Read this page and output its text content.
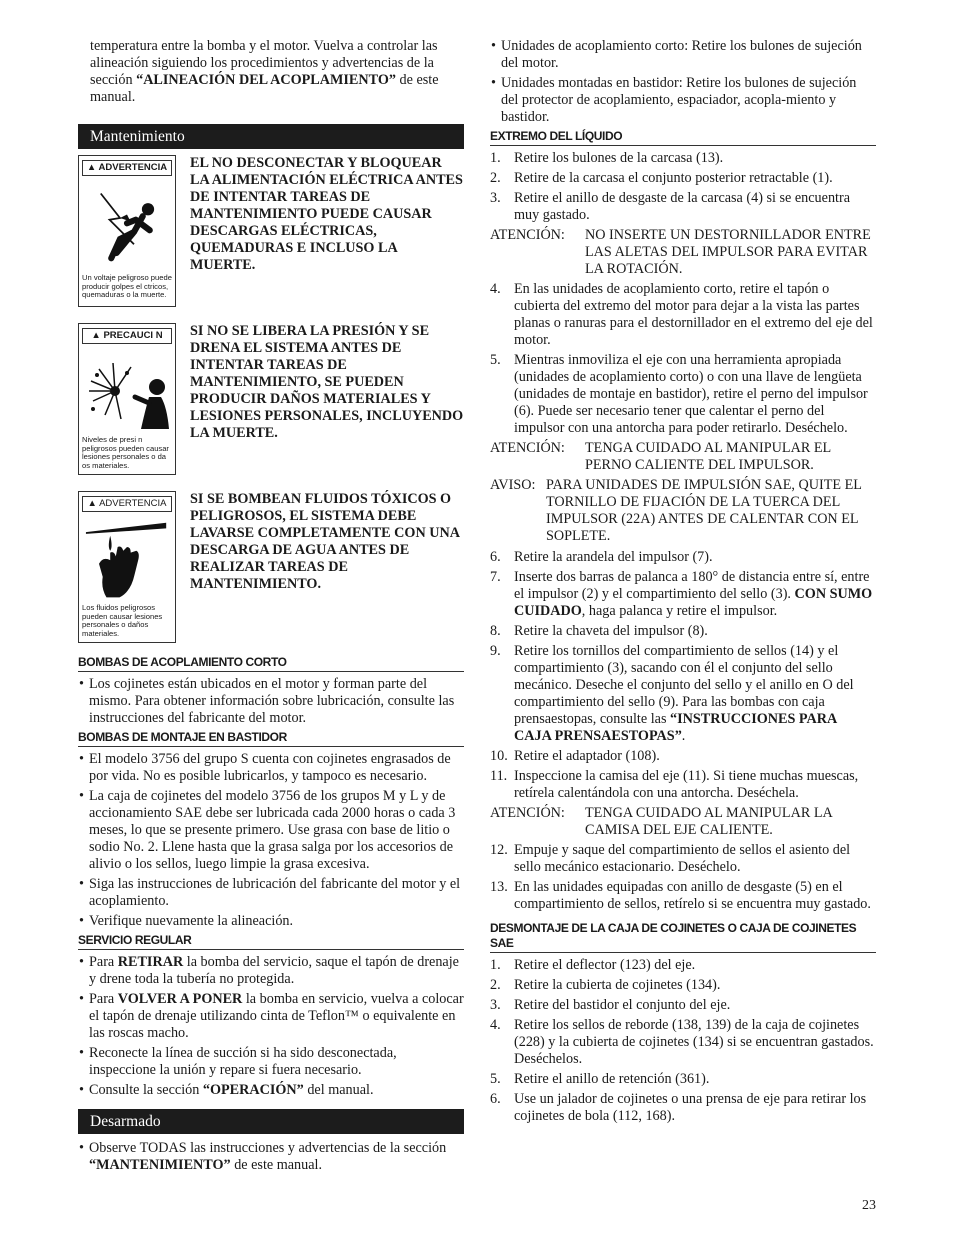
temperatura entre la bomba y el motor. Vuelva a controlar las alineación siguiendo los procedimientos y advertencias de la sección “ALINEACIÓN DEL ACOPLAMIENTO” de este manual.

Mantenimiento
▲ ADVERTENCIA
Un voltaje peligroso puede producir golpes el ctricos, quemaduras o la muerte.
EL NO DESCONECTAR Y BLOQUEAR LA ALIMENTACIÓN ELÉCTRICA ANTES DE INTENTAR TAREAS DE MANTENIMIENTO PUEDE CAUSAR DESCARGAS ELÉCTRICAS, QUEMADURAS E INCLUSO LA MUERTE.
▲ PRECAUCI N
Niveles de presi n peligrosos pueden causar lesiones personales o da os materiales.
SI NO SE LIBERA LA PRESIÓN Y SE DRENA EL SISTEMA ANTES DE INTENTAR TAREAS DE MANTENIMIENTO, SE PUEDEN PRODUCIR DAÑOS MATERIALES Y LESIONES PERSONALES, INCLUYENDO LA MUERTE.
▲ ADVERTENCIA
Los fluidos peligrosos pueden causar lesiones personales o daños materiales.
SI SE BOMBEAN FLUIDOS TÓXICOS O PELIGROSOS, EL SISTEMA DEBE LAVARSE COMPLETAMENTE CON UNA DESCARGA DE AGUA ANTES DE REALIZAR TAREAS DE MANTENIMIENTO.
BOMBAS DE ACOPLAMIENTO CORTO
• Los cojinetes están ubicados en el motor y forman parte del mismo. Para obtener información sobre lubricación, consulte las instrucciones del fabricante del motor.
BOMBAS DE MONTAJE EN BASTIDOR
• El modelo 3756 del grupo S cuenta con cojinetes engrasados de por vida. No es posible lubricarlos, y tampoco es necesario.
• La caja de cojinetes del modelo 3756 de los grupos M y L y de accionamiento SAE debe ser lubricada cada 2000 horas o cada 3 meses, lo que se presente primero. Use grasa con base de litio o sodio No. 2. Llene hasta que la grasa salga por los accesorios de alivio o los sellos, luego limpie la grasa excesiva.
• Siga las instrucciones de lubricación del fabricante del motor y el acoplamiento.
• Verifique nuevamente la alineación.
SERVICIO REGULAR
• Para RETIRAR la bomba del servicio, saque el tapón de drenaje y drene toda la tubería no protegida.
• Para VOLVER A PONER la bomba en servicio, vuelva a colocar el tapón de drenaje utilizando cinta de Teflon™ o equivalente en las roscas macho.
• Reconecte la línea de succión si ha sido desconectada, inspeccione la unión y repare si fuera necesario.
• Consulte la sección “OPERACIÓN” del manual.
Desarmado
• Observe TODAS las instrucciones y advertencias de la sección “MANTENIMIENTO” de este manual.
• Unidades de acoplamiento corto: Retire los bulones de sujeción del motor.
• Unidades montadas en bastidor: Retire los bulones de sujeción del protector de acoplamiento, espaciador, acopla-miento y bastidor.
EXTREMO DEL LÍQUIDO
1. Retire los bulones de la carcasa (13).
2. Retire de la carcasa el conjunto posterior retractable (1).
3. Retire el anillo de desgaste de la carcasa (4) si se encuentra muy gastado.
ATENCIÓN:	NO INSERTE UN DESTORNILLADOR ENTRE LAS ALETAS DEL IMPULSOR PARA EVITAR LA ROTACIÓN.
4. En las unidades de acoplamiento corto, retire el tapón o cubierta del extremo del motor para dejar a la vista las partes planas o ranuras para el destornillador en el extremo del eje del motor.
5. Mientras inmoviliza el eje con una herramienta apropiada (unidades de acoplamiento corto) o con una llave de lengüeta (unidades de montaje en bastidor), retire el perno del impulsor (6). Puede ser necesario tener que calentar el perno del impulsor con una antorcha para poder retirarlo. Deséchelo.
ATENCIÓN:	TENGA CUIDADO AL MANIPULAR EL PERNO CALIENTE DEL IMPULSOR.
AVISO: PARA UNIDADES DE IMPULSIÓN SAE, QUITE EL TORNILLO DE FIJACIÓN DE LA TUERCA DEL IMPULSOR (22A) ANTES DE CALENTAR CON EL SOPLETE.
6. Retire la arandela del impulsor (7).
7. Inserte dos barras de palanca a 180° de distancia entre sí, entre el impulsor (2) y el compartimiento del sello (3). CON SUMO CUIDADO, haga palanca y retire el impulsor.
8. Retire la chaveta del impulsor (8).
9. Retire los tornillos del compartimiento de sellos (14) y el compartimiento (3), sacando con él el conjunto del sello mecánico. Deseche el conjunto del sello y el anillo en O del compartimiento del sello (9). Para las bombas con caja prensaestopas, consulte las “INSTRUCCIONES PARA CAJA PRENSAESTOPAS”.
10. Retire el adaptador (108).
11. Inspeccione la camisa del eje (11). Si tiene muchas muescas, retírela calentándola con una antorcha. Deséchela.
ATENCIÓN:	TENGA CUIDADO AL MANIPULAR LA CAMISA DEL EJE CALIENTE.
12. Empuje y saque del compartimiento de sellos el asiento del sello mecánico estacionario. Deséchelo.
13. En las unidades equipadas con anillo de desgaste (5) en el compartimiento de sellos, retírelo si se encuentra muy gastado.
DESMONTAJE DE LA CAJA DE COJINETES O CAJA DE COJINETES SAE
1. Retire el deflector (123) del eje.
2. Retire la cubierta de cojinetes (134).
3. Retire del bastidor el conjunto del eje.
4. Retire los sellos de reborde (138, 139) de la caja de cojinetes (228) y la cubierta de cojinetes (134) si se encuentran gastados. Deséchelos.
5. Retire el anillo de retención (361).
6. Use un jalador de cojinetes o una prensa de eje para retirar los cojinetes de bola (112, 168).
23
